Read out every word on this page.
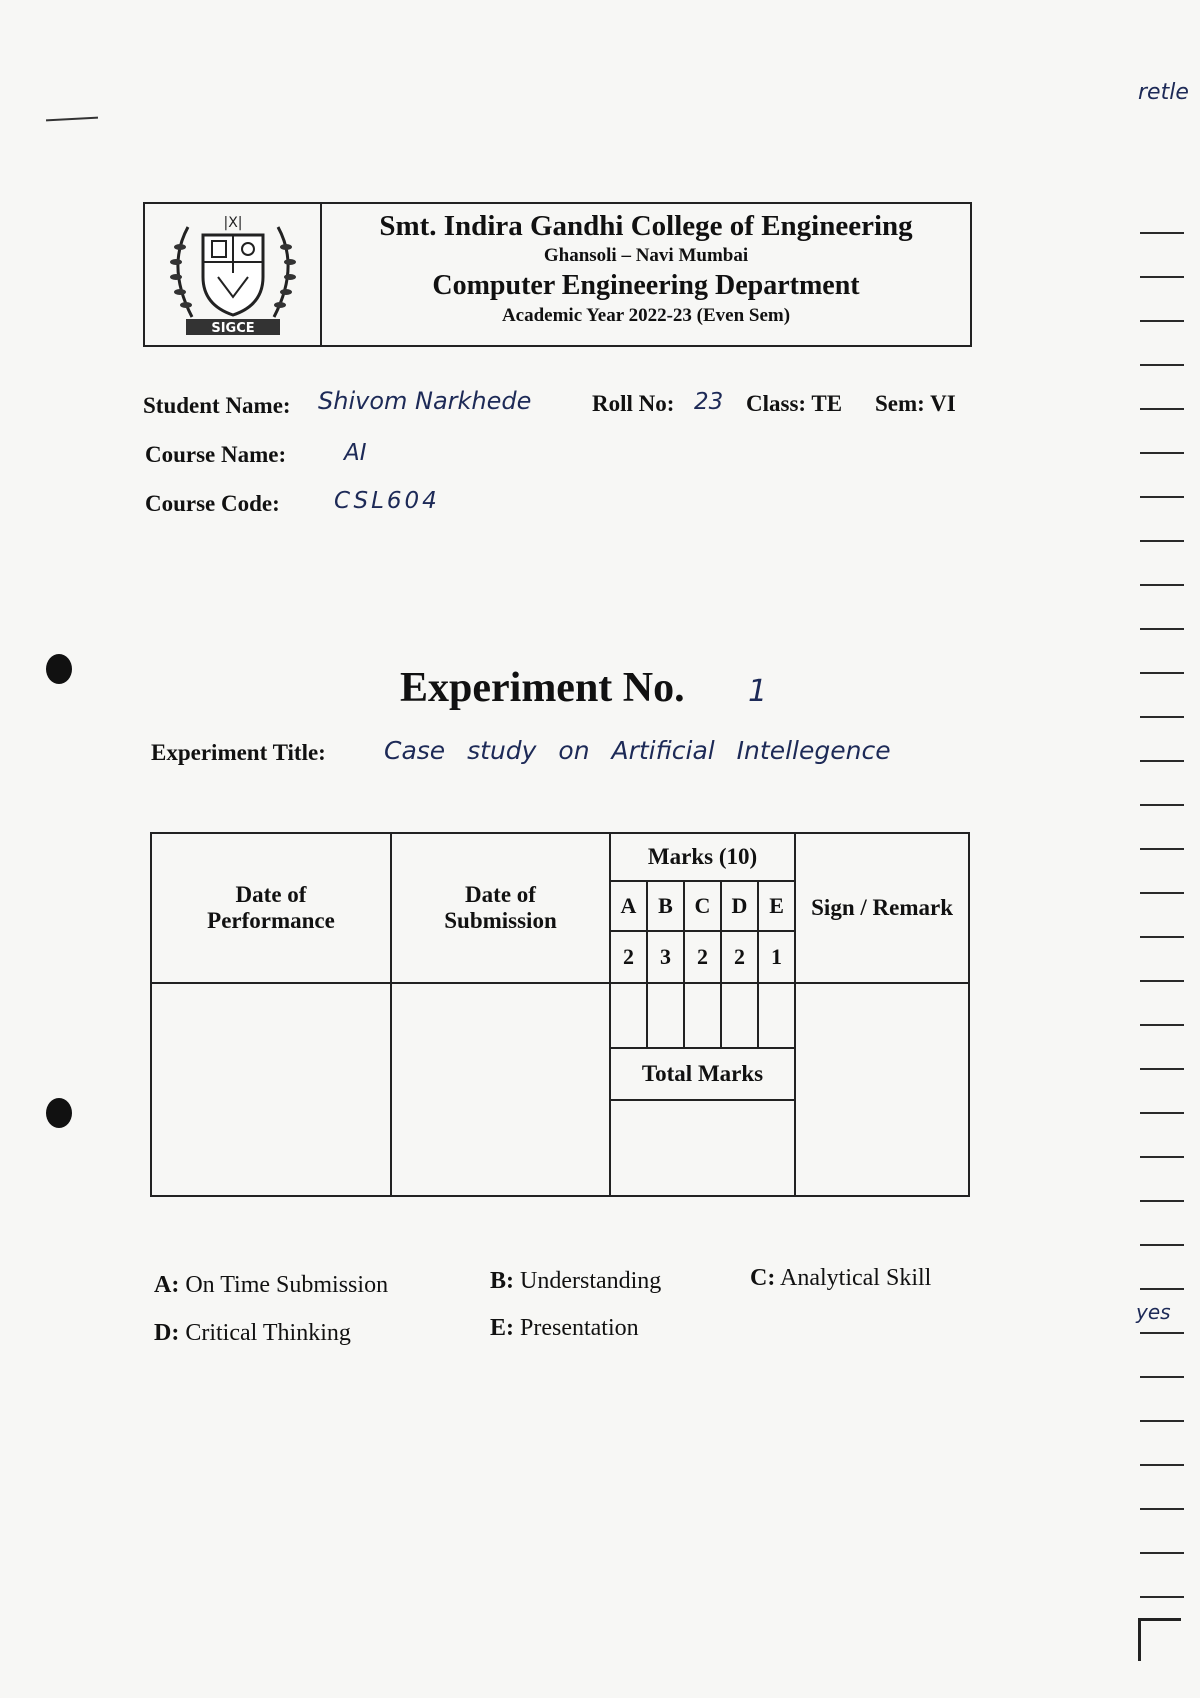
retle
|X|
SIGCE
Smt. Indira Gandhi College of Engineering
Ghansoli – Navi Mumbai
Computer Engineering Department
Academic Year 2022-23 (Even Sem)
Student Name: Shivom Narkhede	Roll No: 23 Class: TE Sem: VI
Course Name:	AI
Course Code: CSL604
Experiment No. 1
Experiment Title: Case study on Artificial Intellegence
Date of Performance	Date of Submission	Marks (10)					Sign / Remark
		A	B	C	D	E	
		2	3	2	2	1	

		Total Marks					

A: On Time Submission	B: Understanding	C: Analytical Skill
D: Critical Thinking	E: Presentation
yes
